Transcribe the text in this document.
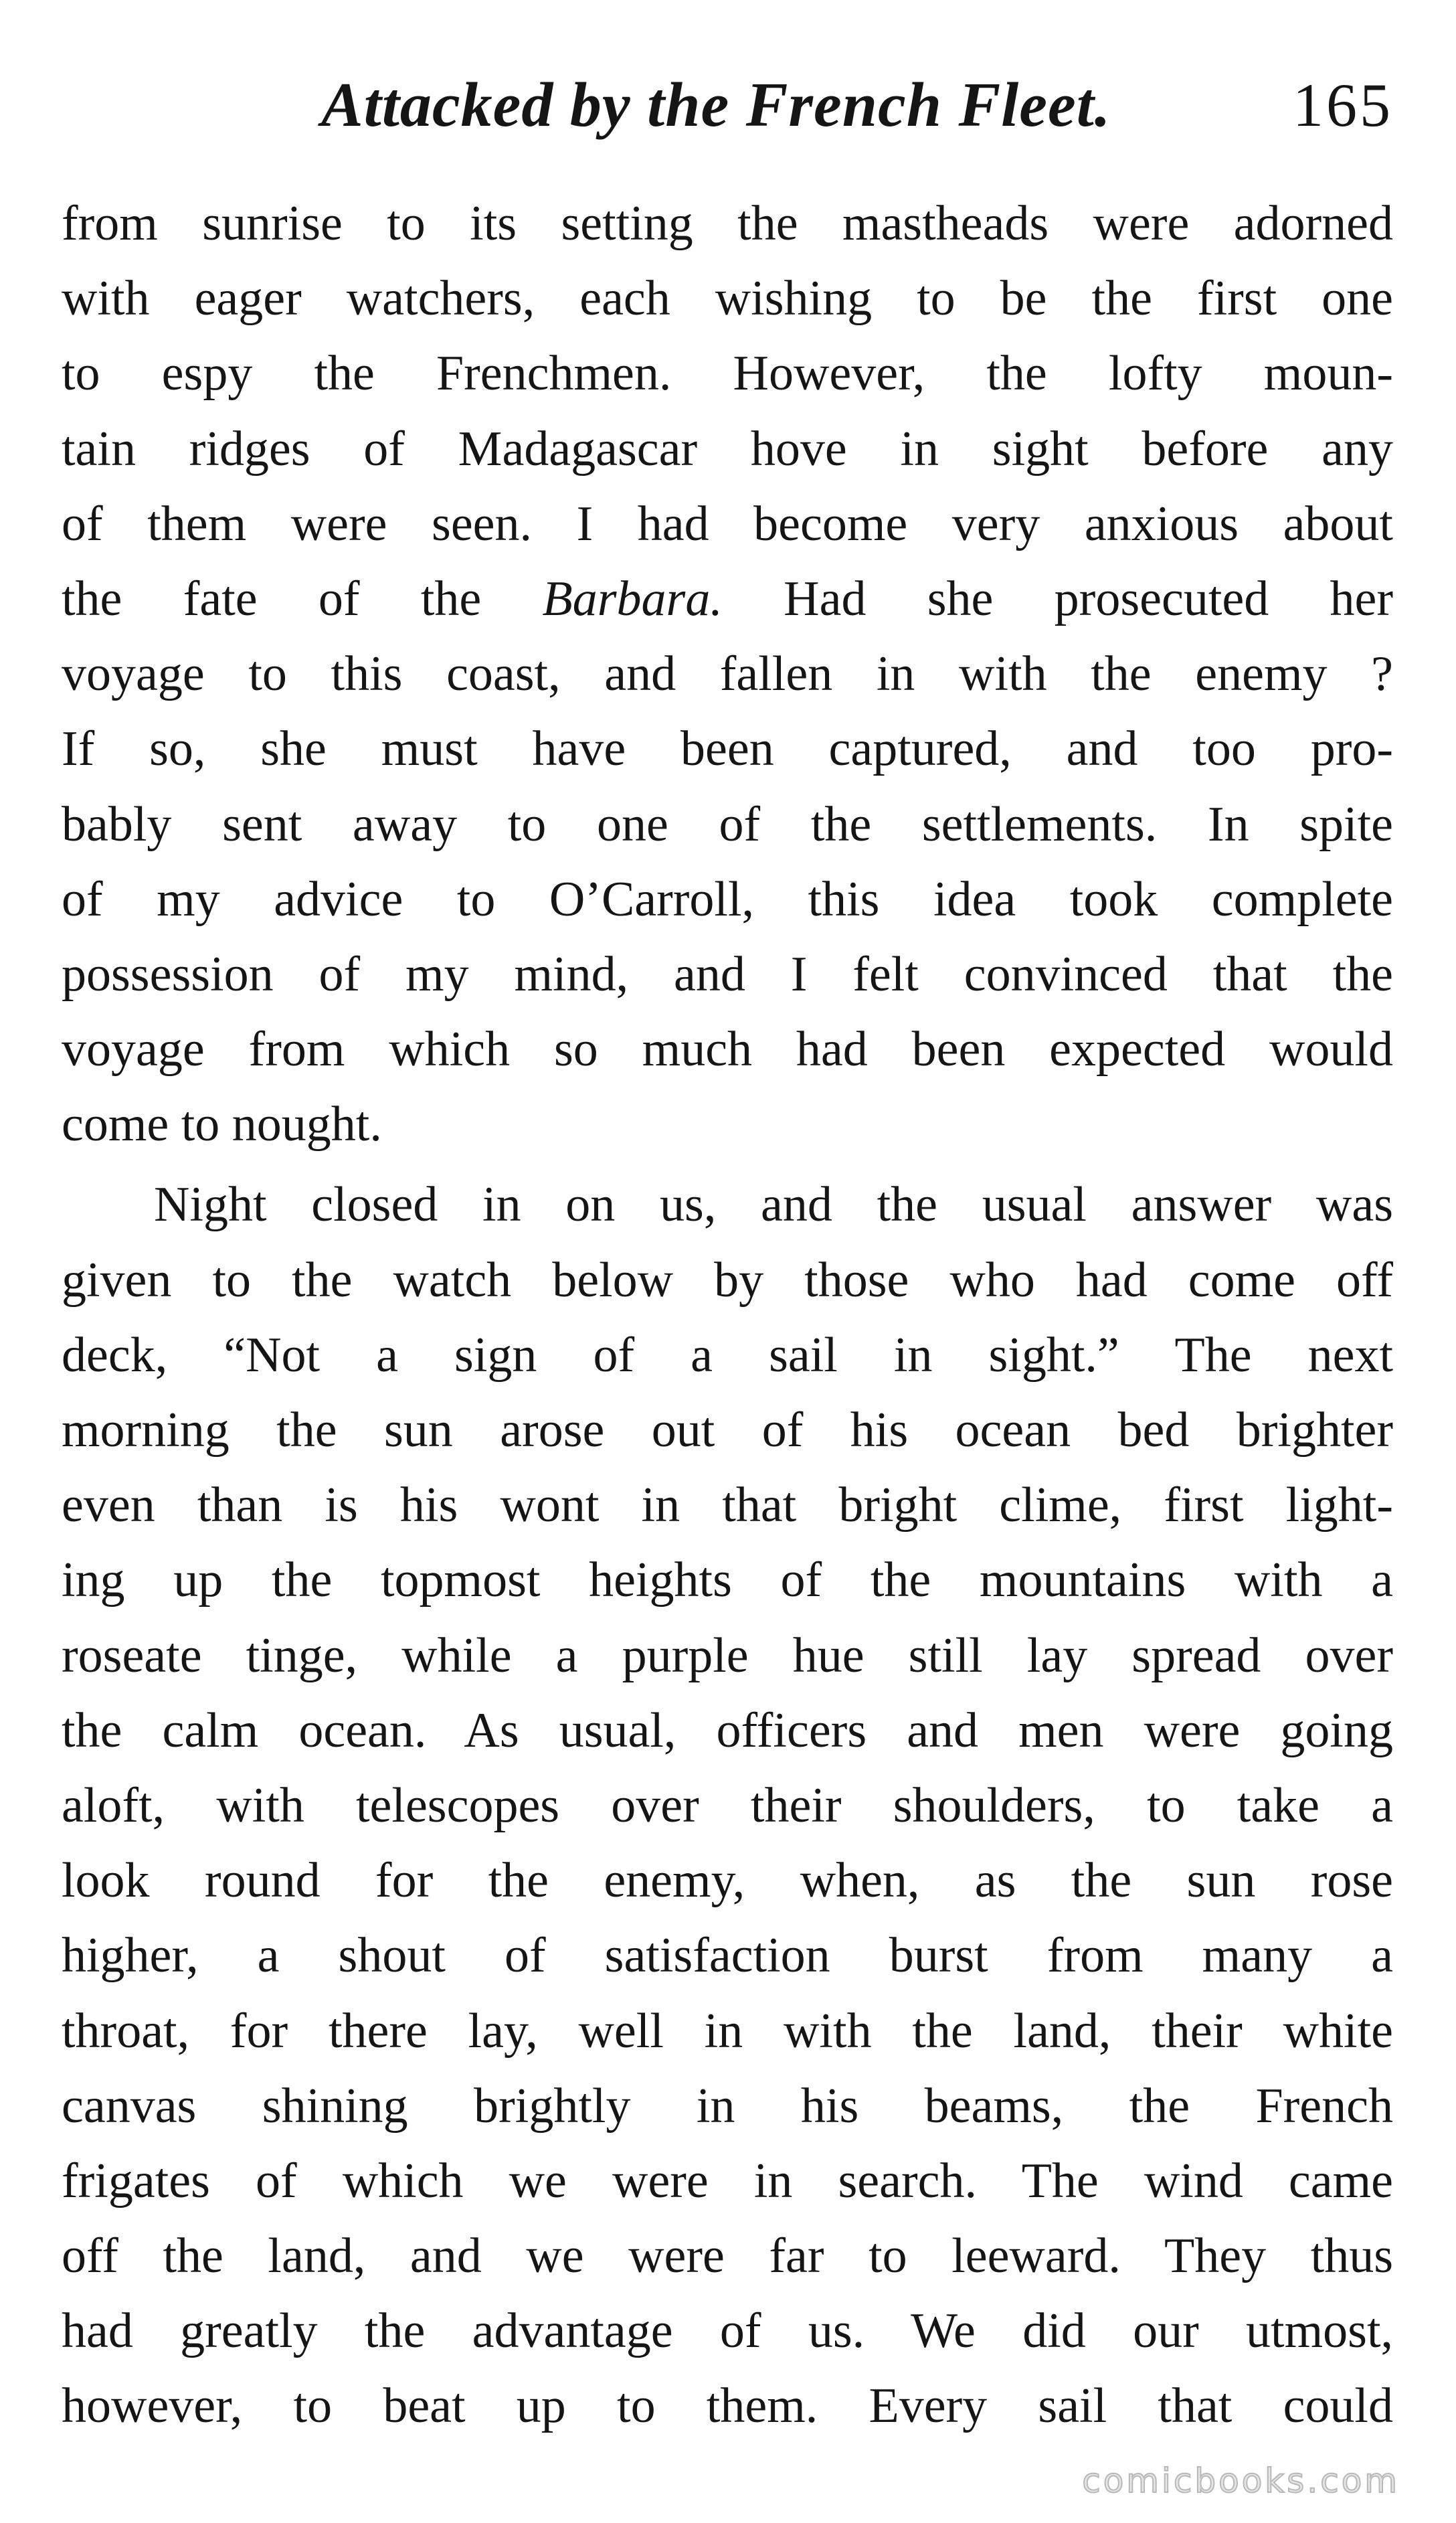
Attacked by the French Fleet.	165
from sunrise to its setting the mastheads were adorned
with eager watchers, each wishing to be the first one
to espy the Frenchmen. However, the lofty moun-
tain ridges of Madagascar hove in sight before any
of them were seen. I had become very anxious about
the fate of the Barbara. Had she prosecuted her
voyage to this coast, and fallen in with the enemy ?
If so, she must have been captured, and too pro-
bably sent away to one of the settlements. In spite
of my advice to O’Carroll, this idea took complete
possession of my mind, and I felt convinced that the
voyage from which so much had been expected would
come to nought.
Night closed in on us, and the usual answer was
given to the watch below by those who had come off
deck, “Not a sign of a sail in sight.” The next
morning the sun arose out of his ocean bed brighter
even than is his wont in that bright clime, first light-
ing up the topmost heights of the mountains with a
roseate tinge, while a purple hue still lay spread over
the calm ocean. As usual, officers and men were going
aloft, with telescopes over their shoulders, to take a
look round for the enemy, when, as the sun rose
higher, a shout of satisfaction burst from many a
throat, for there lay, well in with the land, their white
canvas shining brightly in his beams, the French
frigates of which we were in search. The wind came
off the land, and we were far to leeward. They thus
had greatly the advantage of us. We did our utmost,
however, to beat up to them. Every sail that could
comicbooks.com
